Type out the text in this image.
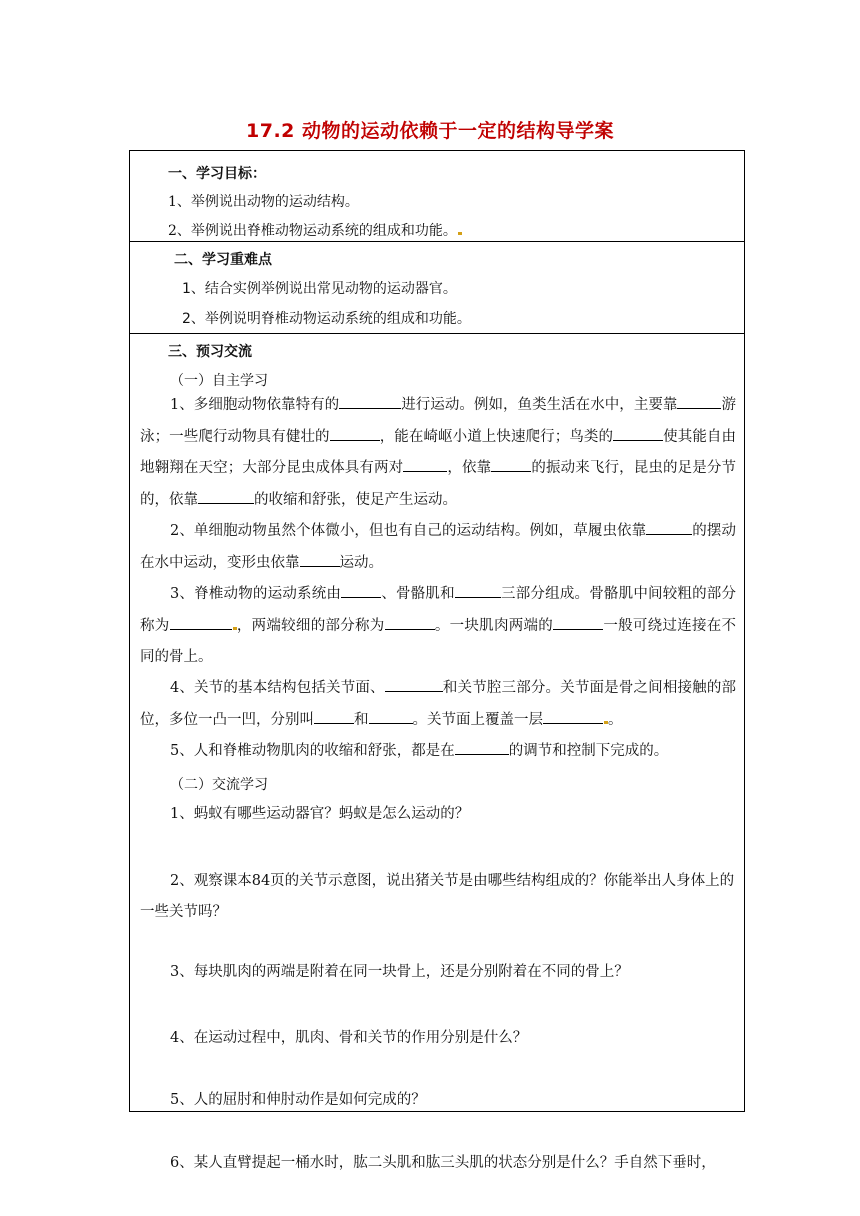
17.2 动物的运动依赖于一定的结构导学案
一、学习目标：
1、举例说出动物的运动结构。
2、举例说出脊椎动物运动系统的组成和功能。
二、学习重难点
1、结合实例举例说出常见动物的运动器官。
2、举例说明脊椎动物运动系统的组成和功能。
三、预习交流
（一）自主学习
1、多细胞动物依靠特有的	进行运动。例如，鱼类生活在水中，主要靠	游泳；一些爬行动物具有健壮的	，能在崎岖小道上快速爬行；鸟类的	使其能自由地翱翔在天空；大部分昆虫成体具有两对	，依靠	的振动来飞行，昆虫的足是分节的，依靠	的收缩和舒张，使足产生运动。
2、单细胞动物虽然个体微小，但也有自己的运动结构。例如，草履虫依靠	的摆动在水中运动，变形虫依靠	运动。
3、脊椎动物的运动系统由	、骨骼肌和	三部分组成。骨骼肌中间较粗的部分称为	，两端较细的部分称为	。一块肌肉两端的	一般可绕过连接在不同的骨上。
4、关节的基本结构包括关节面、	和关节腔三部分。关节面是骨之间相接触的部位，多位一凸一凹，分别叫	和	。关节面上覆盖一层	。
5、人和脊椎动物肌肉的收缩和舒张，都是在	的调节和控制下完成的。
（二）交流学习
1、蚂蚁有哪些运动器官？蚂蚁是怎么运动的？
2、观察课本84页的关节示意图，说出猪关节是由哪些结构组成的？你能举出人身体上的一些关节吗？
3、每块肌肉的两端是附着在同一块骨上，还是分别附着在不同的骨上？
4、在运动过程中，肌肉、骨和关节的作用分别是什么？
5、人的屈肘和伸肘动作是如何完成的？
6、某人直臂提起一桶水时，肱二头肌和肱三头肌的状态分别是什么？手自然下垂时，
